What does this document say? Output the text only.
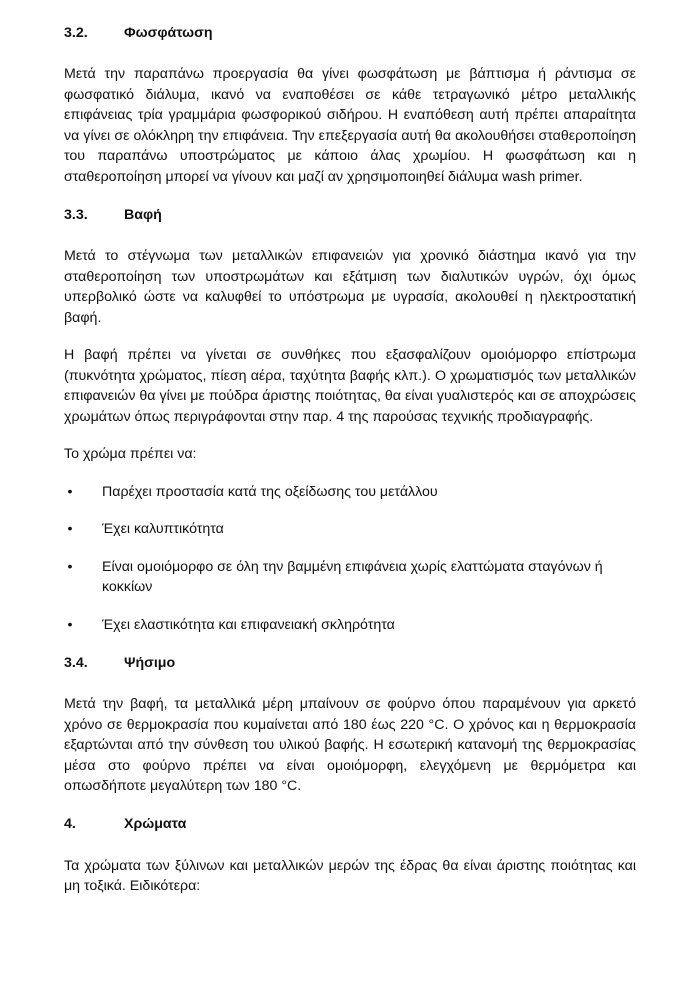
3.2.	Φωσφάτωση

Μετά την παραπάνω προεργασία θα γίνει φωσφάτωση με βάπτισμα ή ράντισμα σε φωσφατικό διάλυμα, ικανό να εναποθέσει σε κάθε τετραγωνικό μέτρο μεταλλικής επιφάνειας τρία γραμμάρια φωσφορικού σιδήρου. Η εναπόθεση αυτή πρέπει απαραίτητα να γίνει σε ολόκληρη την επιφάνεια. Την επεξεργασία αυτή θα ακολουθήσει σταθεροποίηση του παραπάνω υποστρώματος με κάποιο άλας χρωμίου. Η φωσφάτωση και η σταθεροποίηση μπορεί να γίνουν και μαζί αν χρησιμοποιηθεί διάλυμα wash primer.

3.3.	Βαφή

Μετά το στέγνωμα των μεταλλικών επιφανειών για χρονικό διάστημα ικανό για την σταθεροποίηση των υποστρωμάτων και εξάτμιση των διαλυτικών υγρών, όχι όμως υπερβολικό ώστε να καλυφθεί το υπόστρωμα με υγρασία, ακολουθεί η ηλεκτροστατική βαφή.

Η βαφή πρέπει να γίνεται σε συνθήκες που εξασφαλίζουν ομοιόμορφο επίστρωμα (πυκνότητα χρώματος, πίεση αέρα, ταχύτητα βαφής κλπ.). Ο χρωματισμός των μεταλλικών επιφανειών θα γίνει με πούδρα άριστης ποιότητας, θα είναι γυαλιστερός και σε αποχρώσεις χρωμάτων όπως περιγράφονται στην παρ. 4 της παρούσας τεχνικής προδιαγραφής.

Το χρώμα πρέπει να:

• Παρέχει προστασία κατά της οξείδωσης του μετάλλου
• Έχει καλυπτικότητα
• Είναι ομοιόμορφο σε όλη την βαμμένη επιφάνεια χωρίς ελαττώματα σταγόνων ή κοκκίων
• Έχει ελαστικότητα και επιφανειακή σκληρότητα
3.4.	Ψήσιμο

Μετά την βαφή, τα μεταλλικά μέρη μπαίνουν σε φούρνο όπου παραμένουν για αρκετό χρόνο σε θερμοκρασία που κυμαίνεται από 180 έως 220 °C. Ο χρόνος και η θερμοκρασία εξαρτώνται από την σύνθεση του υλικού βαφής. Η εσωτερική κατανομή της θερμοκρασίας μέσα στο φούρνο πρέπει να είναι ομοιόμορφη, ελεγχόμενη με θερμόμετρα και οπωσδήποτε μεγαλύτερη των 180 °C.

4.	Χρώματα

Τα χρώματα των ξύλινων και μεταλλικών μερών της έδρας θα είναι άριστης ποιότητας και μη τοξικά. Ειδικότερα:
